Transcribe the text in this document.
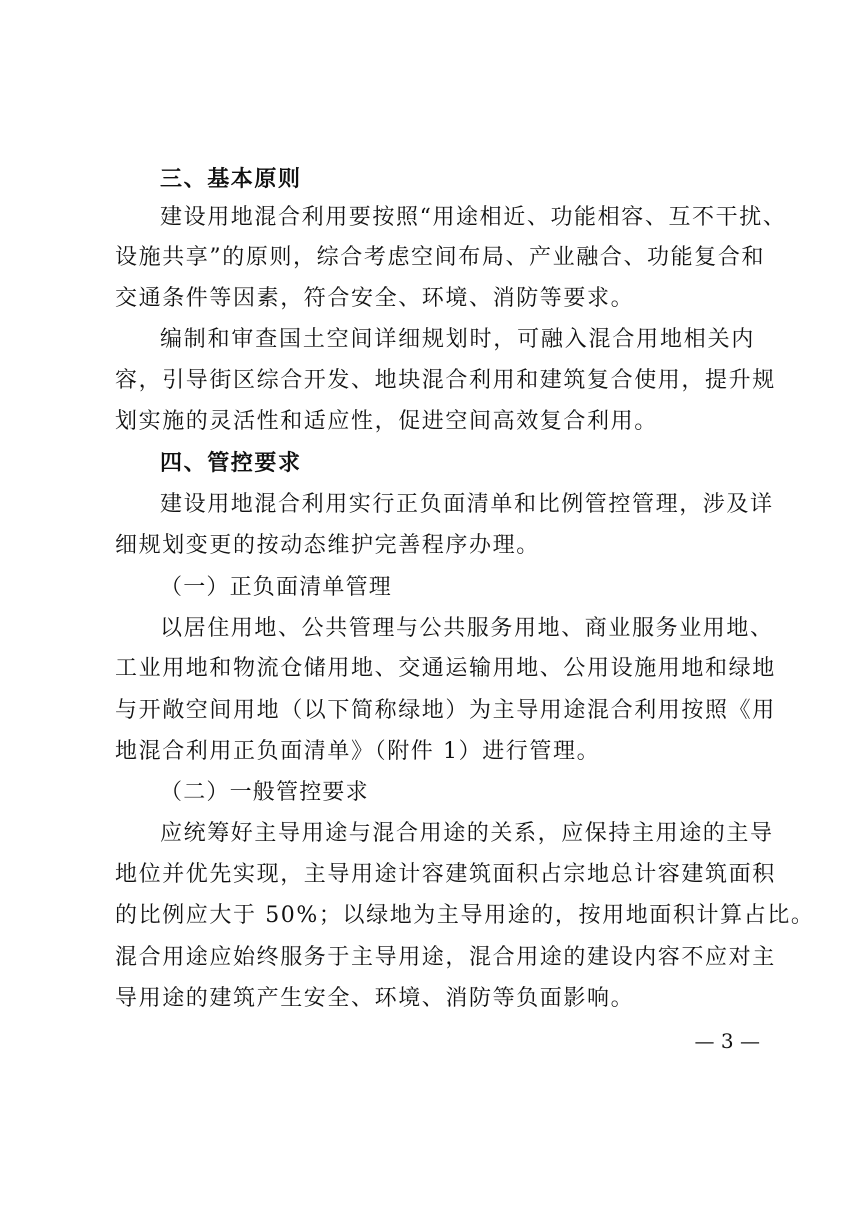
三、基本原则
建设用地混合利用要按照“用途相近、功能相容、互不干扰、
设施共享”的原则，综合考虑空间布局、产业融合、功能复合和
交通条件等因素，符合安全、环境、消防等要求。
编制和审查国土空间详细规划时，可融入混合用地相关内
容，引导街区综合开发、地块混合利用和建筑复合使用，提升规
划实施的灵活性和适应性，促进空间高效复合利用。
四、管控要求
建设用地混合利用实行正负面清单和比例管控管理，涉及详
细规划变更的按动态维护完善程序办理。
（一）正负面清单管理
以居住用地、公共管理与公共服务用地、商业服务业用地、
工业用地和物流仓储用地、交通运输用地、公用设施用地和绿地
与开敞空间用地（以下简称绿地）为主导用途混合利用按照《用
地混合利用正负面清单》（附件 1）进行管理。
（二）一般管控要求
应统筹好主导用途与混合用途的关系，应保持主用途的主导
地位并优先实现，主导用途计容建筑面积占宗地总计容建筑面积
的比例应大于 50%；以绿地为主导用途的，按用地面积计算占比。
混合用途应始终服务于主导用途，混合用途的建设内容不应对主
导用途的建筑产生安全、环境、消防等负面影响。
— 3 —
